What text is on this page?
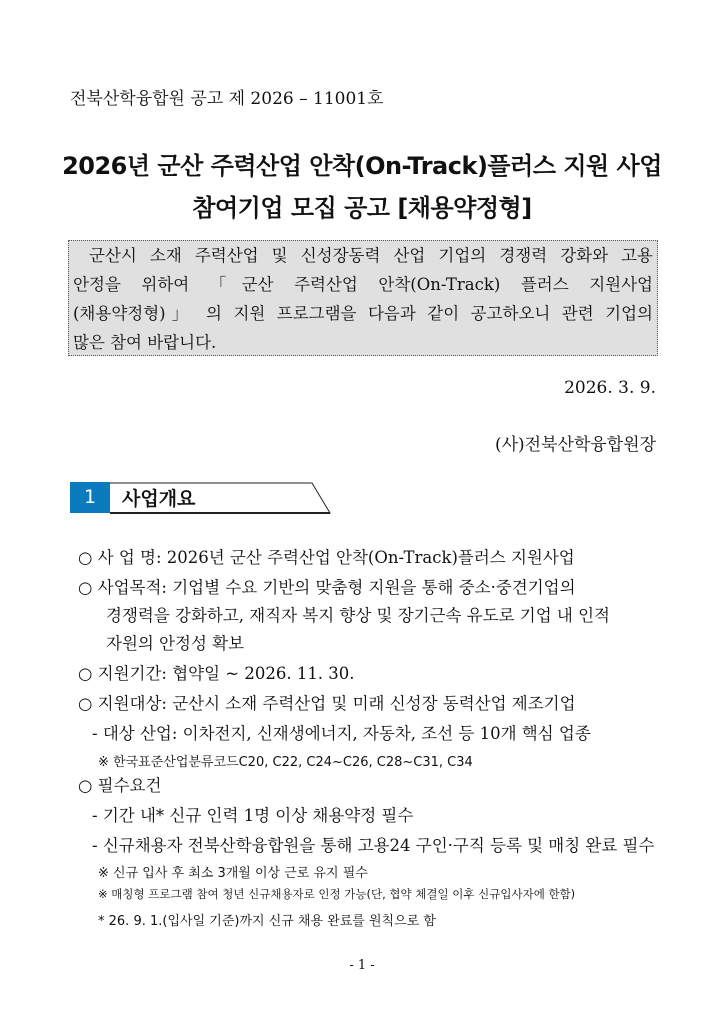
전북산학융합원 공고 제 2026 – 11001호
2026년 군산 주력산업 안착(On-Track)플러스 지원 사업
참여기업 모집 공고 [채용약정형]
군산시 소재 주력산업 및 신성장동력 산업 기업의 경쟁력 강화와 고용
안정을 위하여 「군산 주력산업 안착(On-Track) 플러스 지원사업
(채용약정형)」 의 지원 프로그램을 다음과 같이 공고하오니 관련 기업의
많은 참여 바랍니다.
2026. 3. 9.
(사)전북산학융합원장
1	사업개요
○ 사 업 명: 2026년 군산 주력산업 안착(On-Track)플러스 지원사업
○ 사업목적: 기업별 수요 기반의 맞춤형 지원을 통해 중소·중견기업의
경쟁력을 강화하고, 재직자 복지 향상 및 장기근속 유도로 기업 내 인적
자원의 안정성 확보
○ 지원기간: 협약일 ~ 2026. 11. 30.
○ 지원대상: 군산시 소재 주력산업 및 미래 신성장 동력산업 제조기업
- 대상 산업: 이차전지, 신재생에너지, 자동차, 조선 등 10개 핵심 업종
※ 한국표준산업분류코드C20, C22, C24~C26, C28~C31, C34
○ 필수요건
- 기간 내* 신규 인력 1명 이상 채용약정 필수
- 신규채용자 전북산학융합원을 통해 고용24 구인·구직 등록 및 매칭 완료 필수
※ 신규 입사 후 최소 3개월 이상 근로 유지 필수
※ 매칭형 프로그램 참여 청년 신규채용자로 인정 가능(단, 협약 체결일 이후 신규입사자에 한함)
* 26. 9. 1.(입사일 기준)까지 신규 채용 완료를 원칙으로 함
- 1 -
